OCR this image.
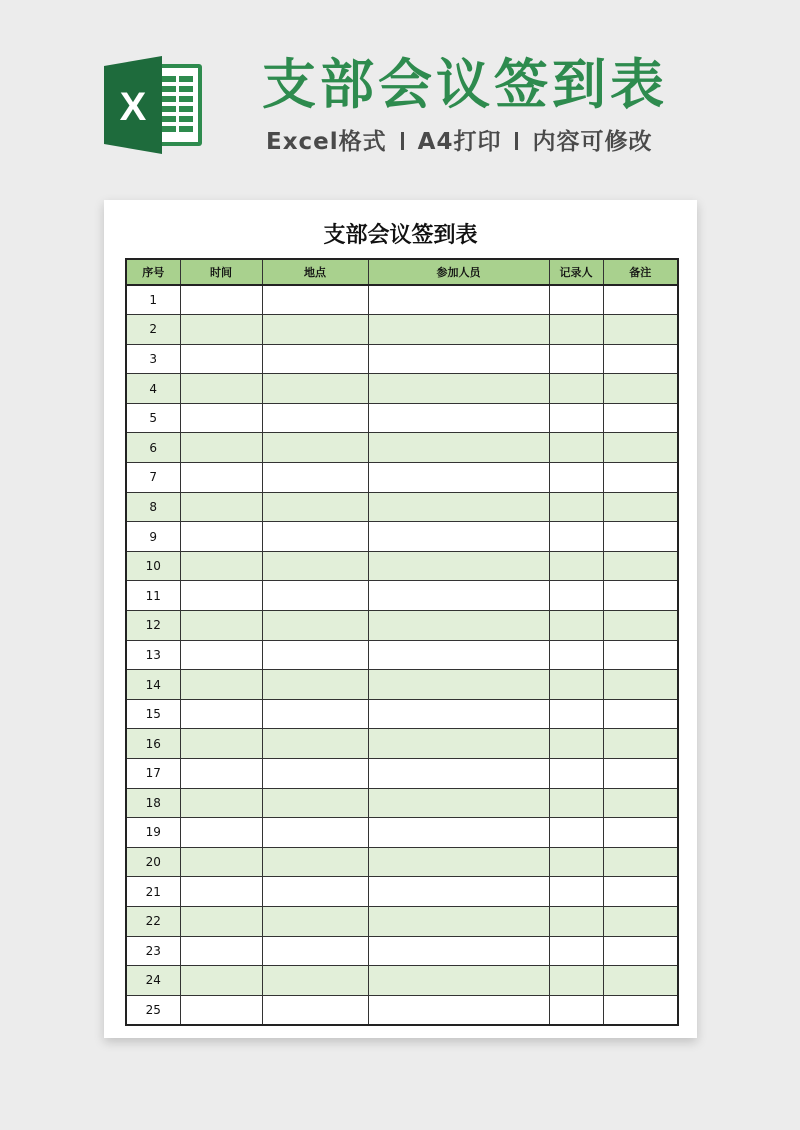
X 支部会议签到表
Excel格式 A4打印 内容可修改
支部会议签到表
序号	时间	地点	参加人员	记录人	备注
1					
2					
3					
4					
5					
6					
7					
8					
9					
10					
11					
12					
13					
14					
15					
16					
17					
18					
19					
20					
21					
22					
23					
24					
25					
